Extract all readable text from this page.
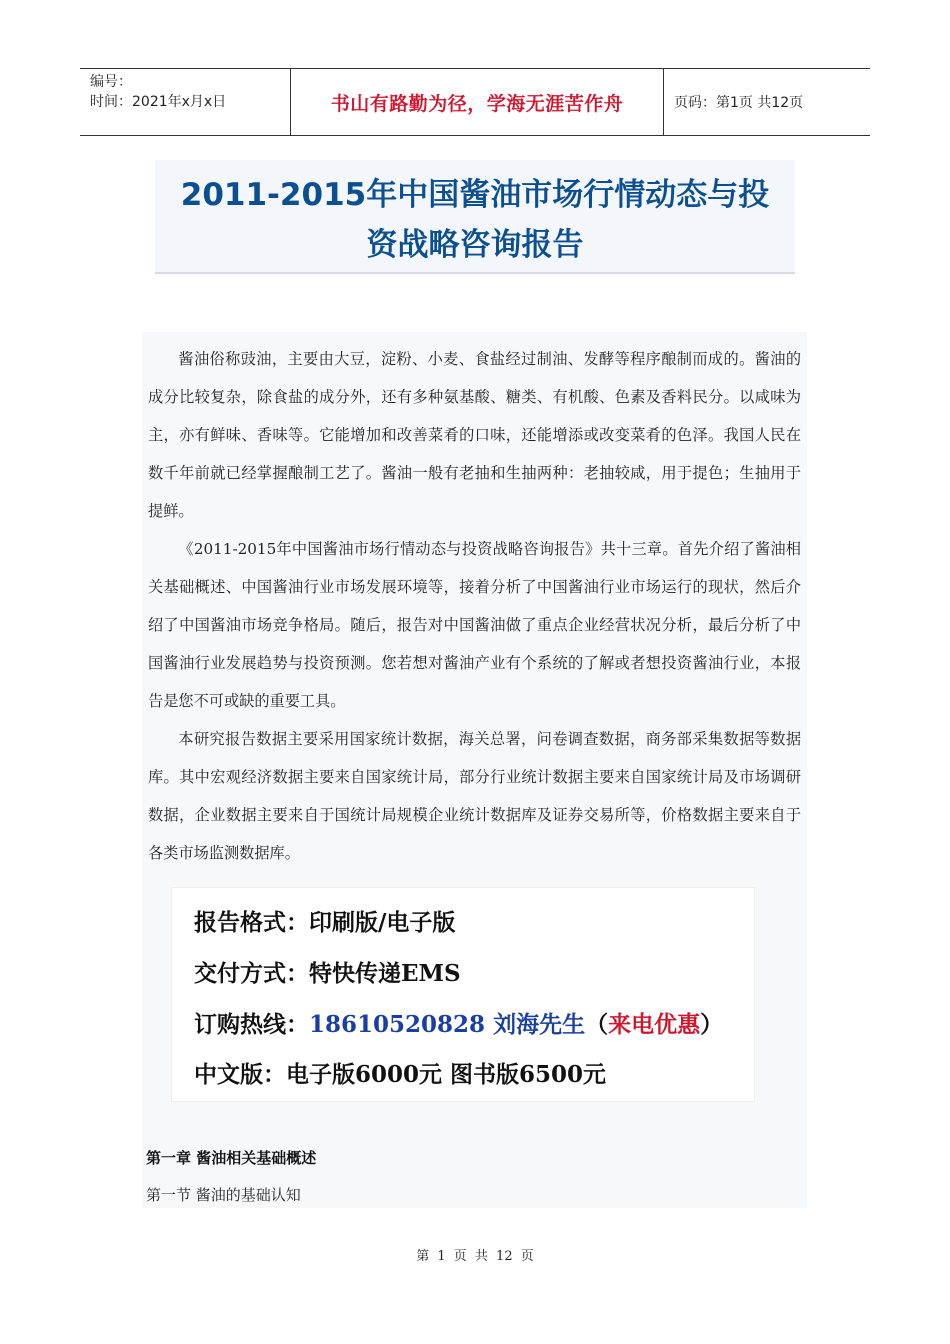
编号：
时间：2021年x月x日	书山有路勤为径，学海无涯苦作舟	页码：第1页 共12页
2011-2015年中国酱油市场行情动态与投
资战略咨询报告

酱油俗称豉油，主要由大豆，淀粉、小麦、食盐经过制油、发酵等程序酿制而成的。酱油的成分比较复杂，除食盐的成分外，还有多种氨基酸、糖类、有机酸、色素及香料民分。以咸味为主，亦有鲜味、香味等。它能增加和改善菜肴的口味，还能增添或改变菜肴的色泽。我国人民在数千年前就已经掌握酿制工艺了。酱油一般有老抽和生抽两种：老抽较咸，用于提色；生抽用于提鲜。

《2011-2015年中国酱油市场行情动态与投资战略咨询报告》共十三章。首先介绍了酱油相关基础概述、中国酱油行业市场发展环境等，接着分析了中国酱油行业市场运行的现状，然后介绍了中国酱油市场竞争格局。随后，报告对中国酱油做了重点企业经营状况分析，最后分析了中国酱油行业发展趋势与投资预测。您若想对酱油产业有个系统的了解或者想投资酱油行业，本报告是您不可或缺的重要工具。

本研究报告数据主要采用国家统计数据，海关总署，问卷调查数据，商务部采集数据等数据库。其中宏观经济数据主要来自国家统计局，部分行业统计数据主要来自国家统计局及市场调研数据，企业数据主要来自于国统计局规模企业统计数据库及证券交易所等，价格数据主要来自于各类市场监测数据库。

报告格式：印刷版/电子版
交付方式：特快传递EMS
订购热线：18610520828 刘海先生（来电优惠）
中文版：电子版6000元 图书版6500元
第一章 酱油相关基础概述
第一节 酱油的基础认知
第 1 页 共 12 页
